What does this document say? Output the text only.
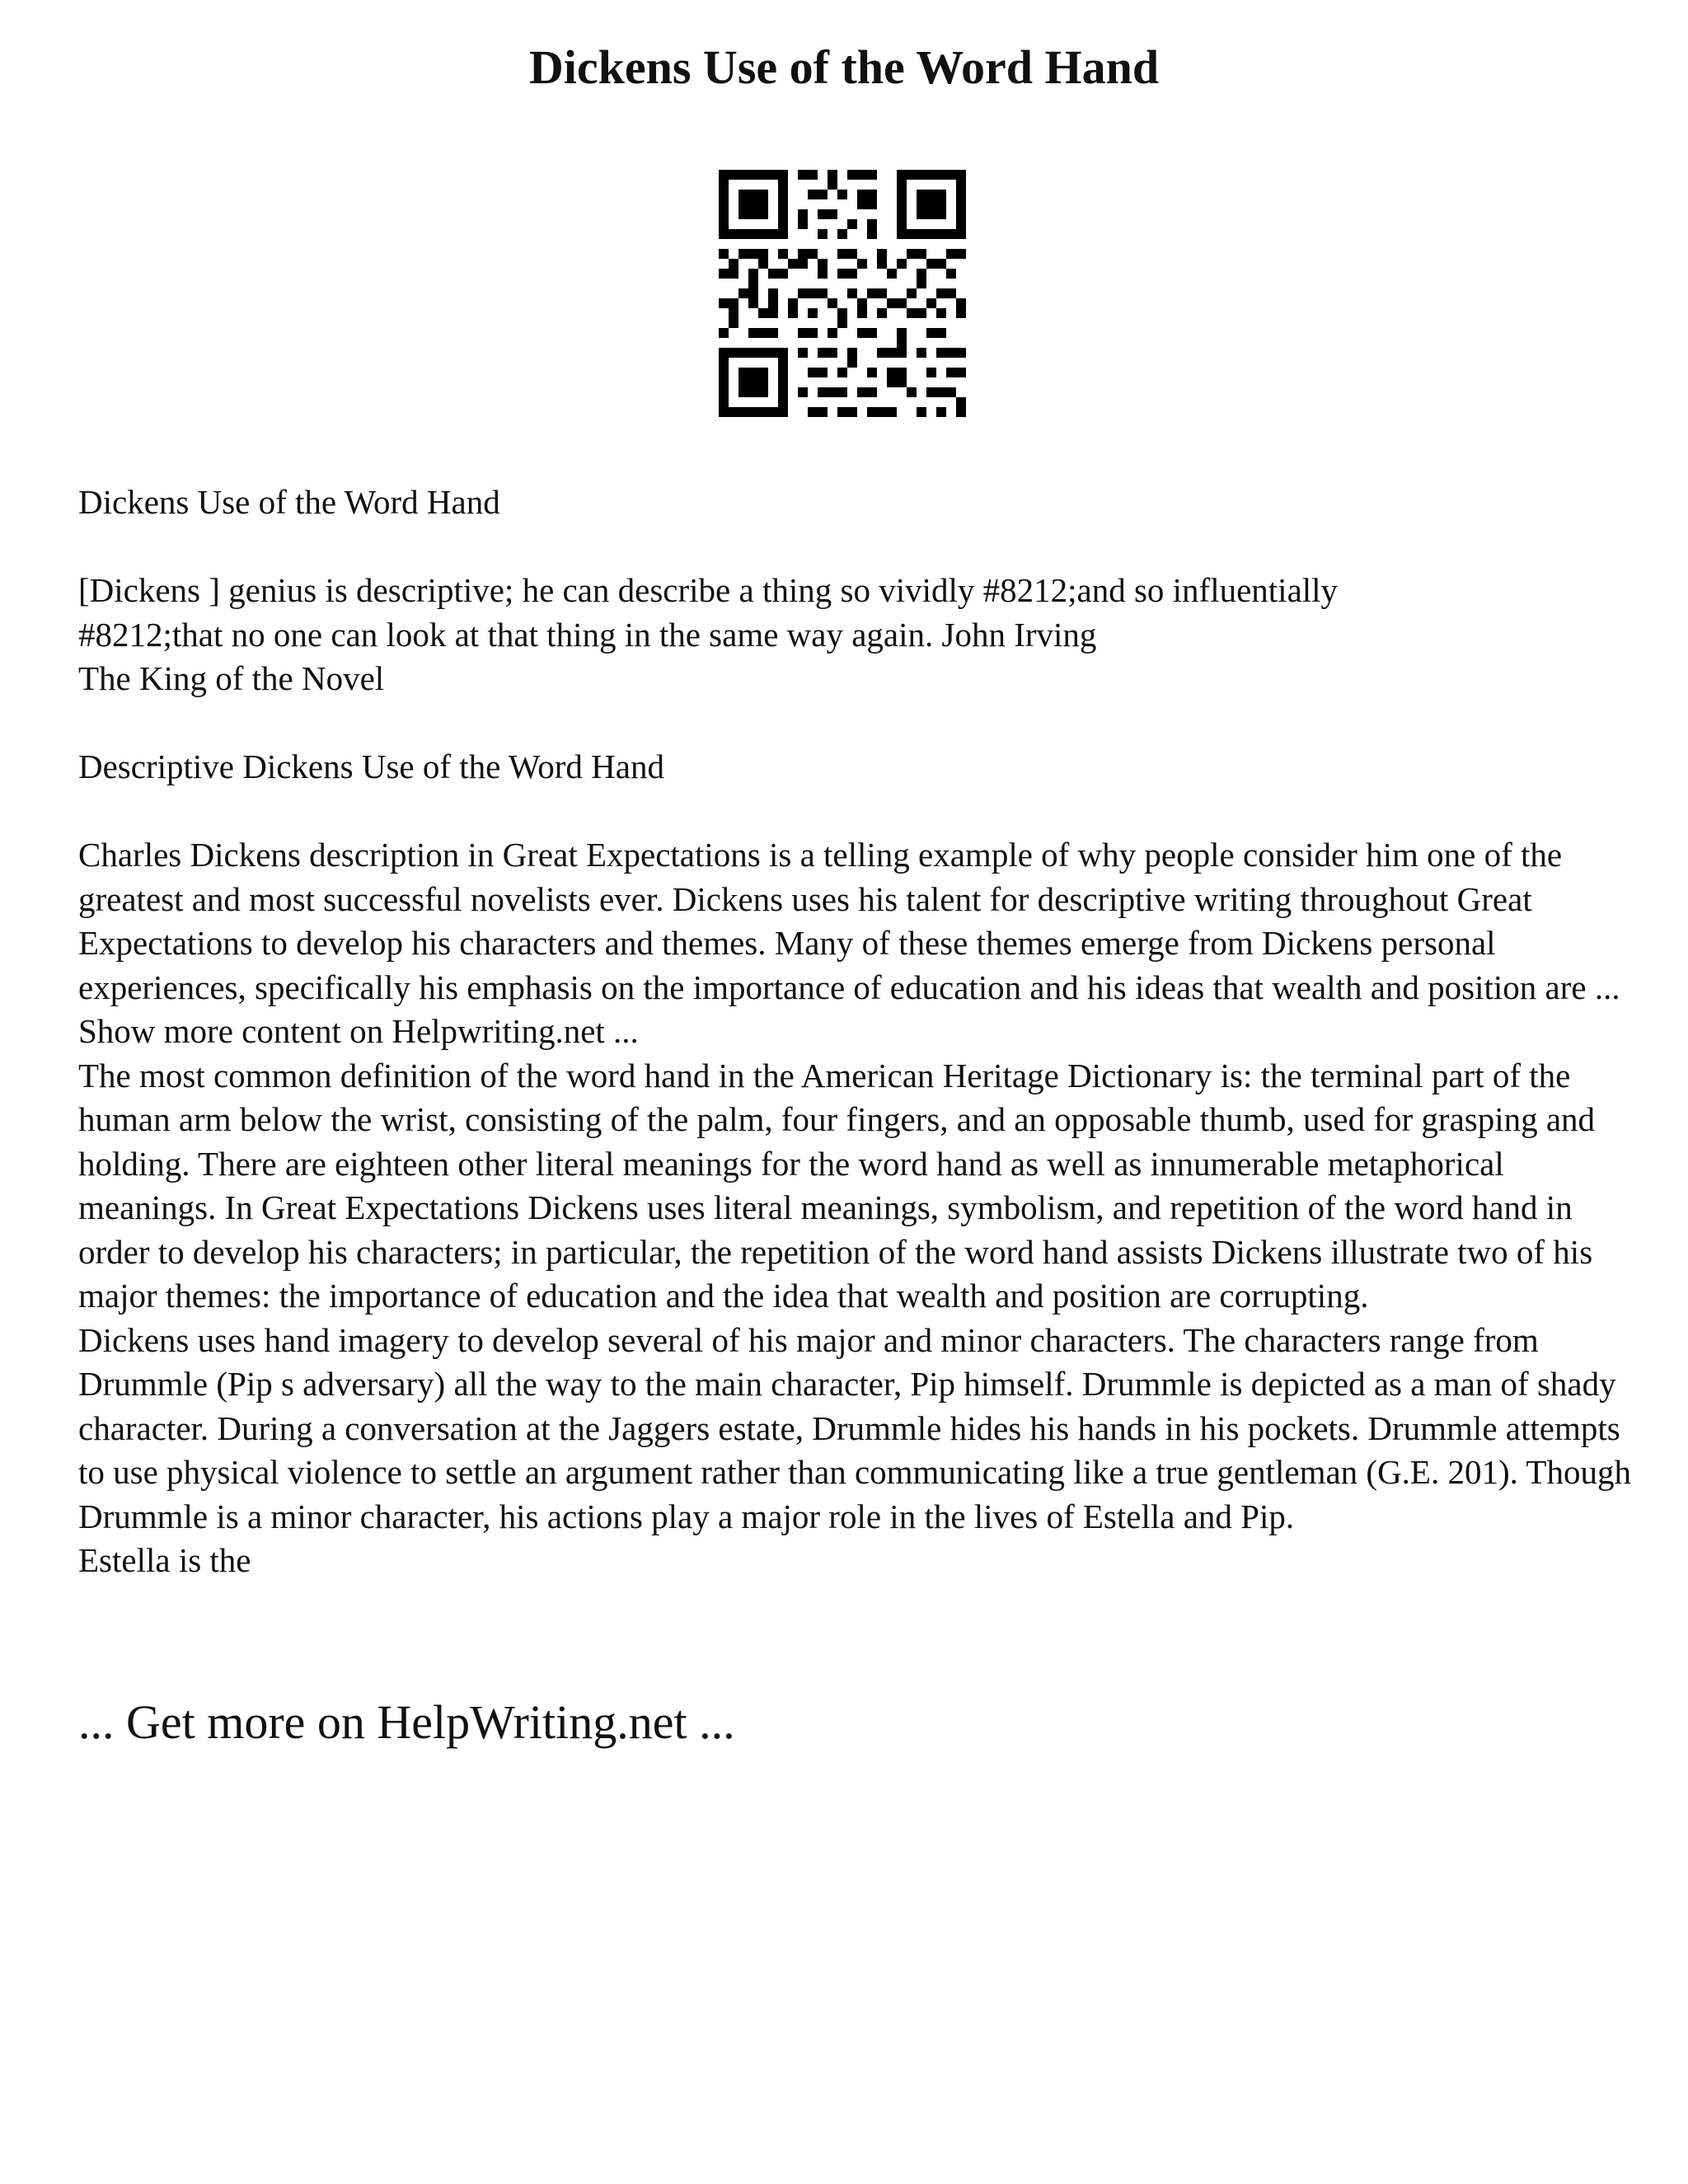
Dickens Use of the Word Hand

Dickens Use of the Word Hand

[Dickens ] genius is descriptive; he can describe a thing so vividly #8212;and so influentially

#8212;that no one can look at that thing in the same way again. John Irving

The King of the Novel

Descriptive Dickens Use of the Word Hand

Charles Dickens description in Great Expectations is a telling example of why people consider him one of the greatest and most successful novelists ever. Dickens uses his talent for descriptive writing throughout Great Expectations to develop his characters and themes. Many of these themes emerge from Dickens personal experiences, specifically his emphasis on the importance of education and his ideas that wealth and position are ... Show more content on Helpwriting.net ...

The most common definition of the word hand in the American Heritage Dictionary is: the terminal part of the human arm below the wrist, consisting of the palm, four fingers, and an opposable thumb, used for grasping and holding. There are eighteen other literal meanings for the word hand as well as innumerable metaphorical meanings. In Great Expectations Dickens uses literal meanings, symbolism, and repetition of the word hand in order to develop his characters; in particular, the repetition of the word hand assists Dickens illustrate two of his major themes: the importance of education and the idea that wealth and position are corrupting.

Dickens uses hand imagery to develop several of his major and minor characters. The characters range from Drummle (Pip s adversary) all the way to the main character, Pip himself. Drummle is depicted as a man of shady character. During a conversation at the Jaggers estate, Drummle hides his hands in his pockets. Drummle attempts to use physical violence to settle an argument rather than communicating like a true gentleman (G.E. 201). Though Drummle is a minor character, his actions play a major role in the lives of Estella and Pip.

Estella is the

... Get more on HelpWriting.net ...
